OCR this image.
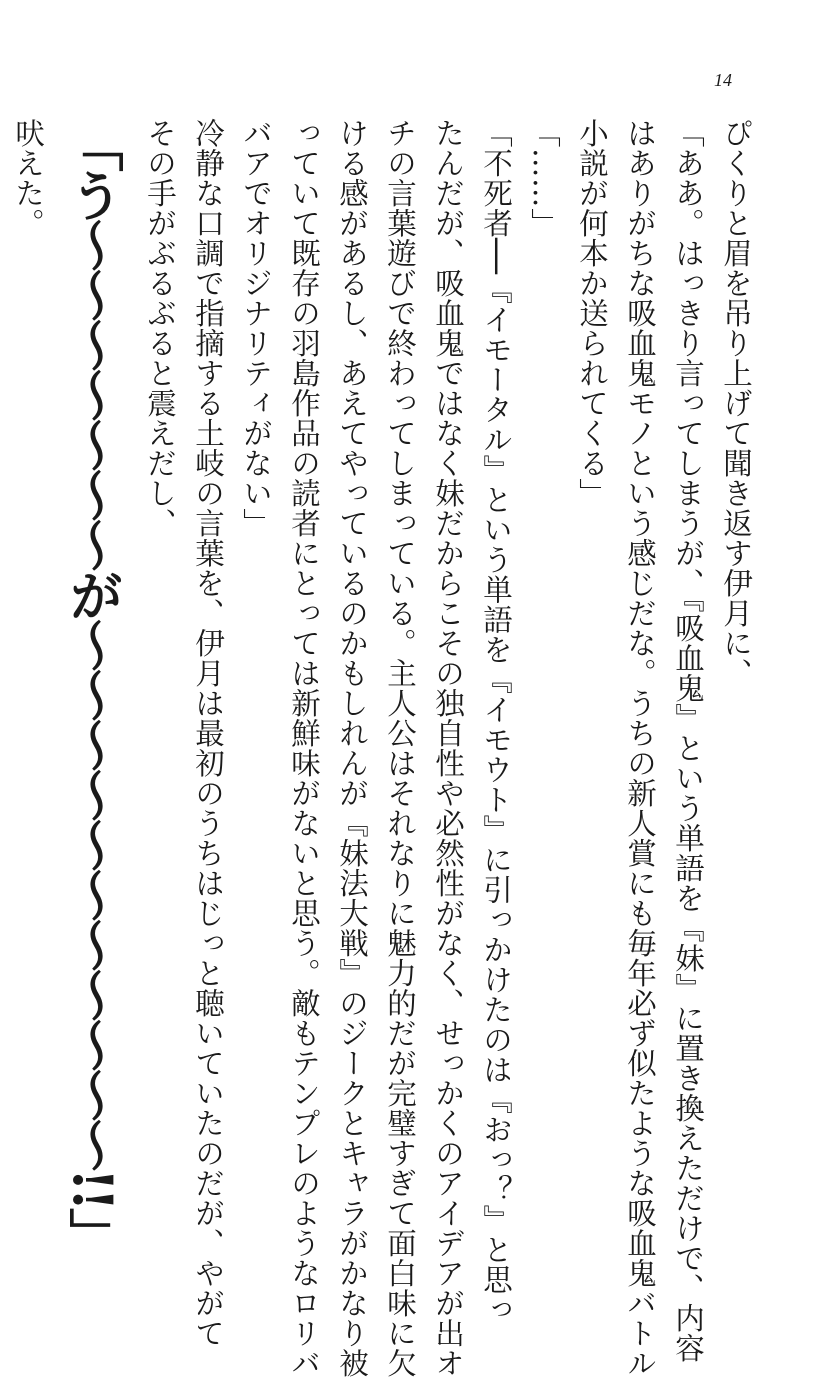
14

ぴくりと眉を吊り上げて聞き返す伊月に、

「ああ。はっきり言ってしまうが、『吸血鬼』という単語を『妹』に置き換えただけで、内容

はありがちな吸血鬼モノという感じだな。うちの新人賞にも毎年必ず似たような吸血鬼バトル

小説が何本か送られてくる」

「……」

「不死者──『イモータル』という単語を『イモウト』に引っかけたのは『おっ？』と思っ

たんだが、吸血鬼ではなく妹だからこその独自性や必然性がなく、せっかくのアイデアが出オ

チの言葉遊びで終わってしまっている。主人公はそれなりに魅力的だが完璧すぎて面白味に欠

ける感があるし、あえてやっているのかもしれんが『妹法大戦』のジークとキャラがかなり被

っていて既存の羽島作品の読者にとっては新鮮味がないと思う。敵もテンプレのようなロリバ

バアでオリジナリティがない」

冷静な口調で指摘する土岐の言葉を、伊月は最初のうちはじっと聴いていたのだが、やがて

その手がぶるぶると震えだし、

「う〜〜〜〜〜〜〜が〜〜〜〜〜〜〜〜〜〜〜!!」

吠えた。
